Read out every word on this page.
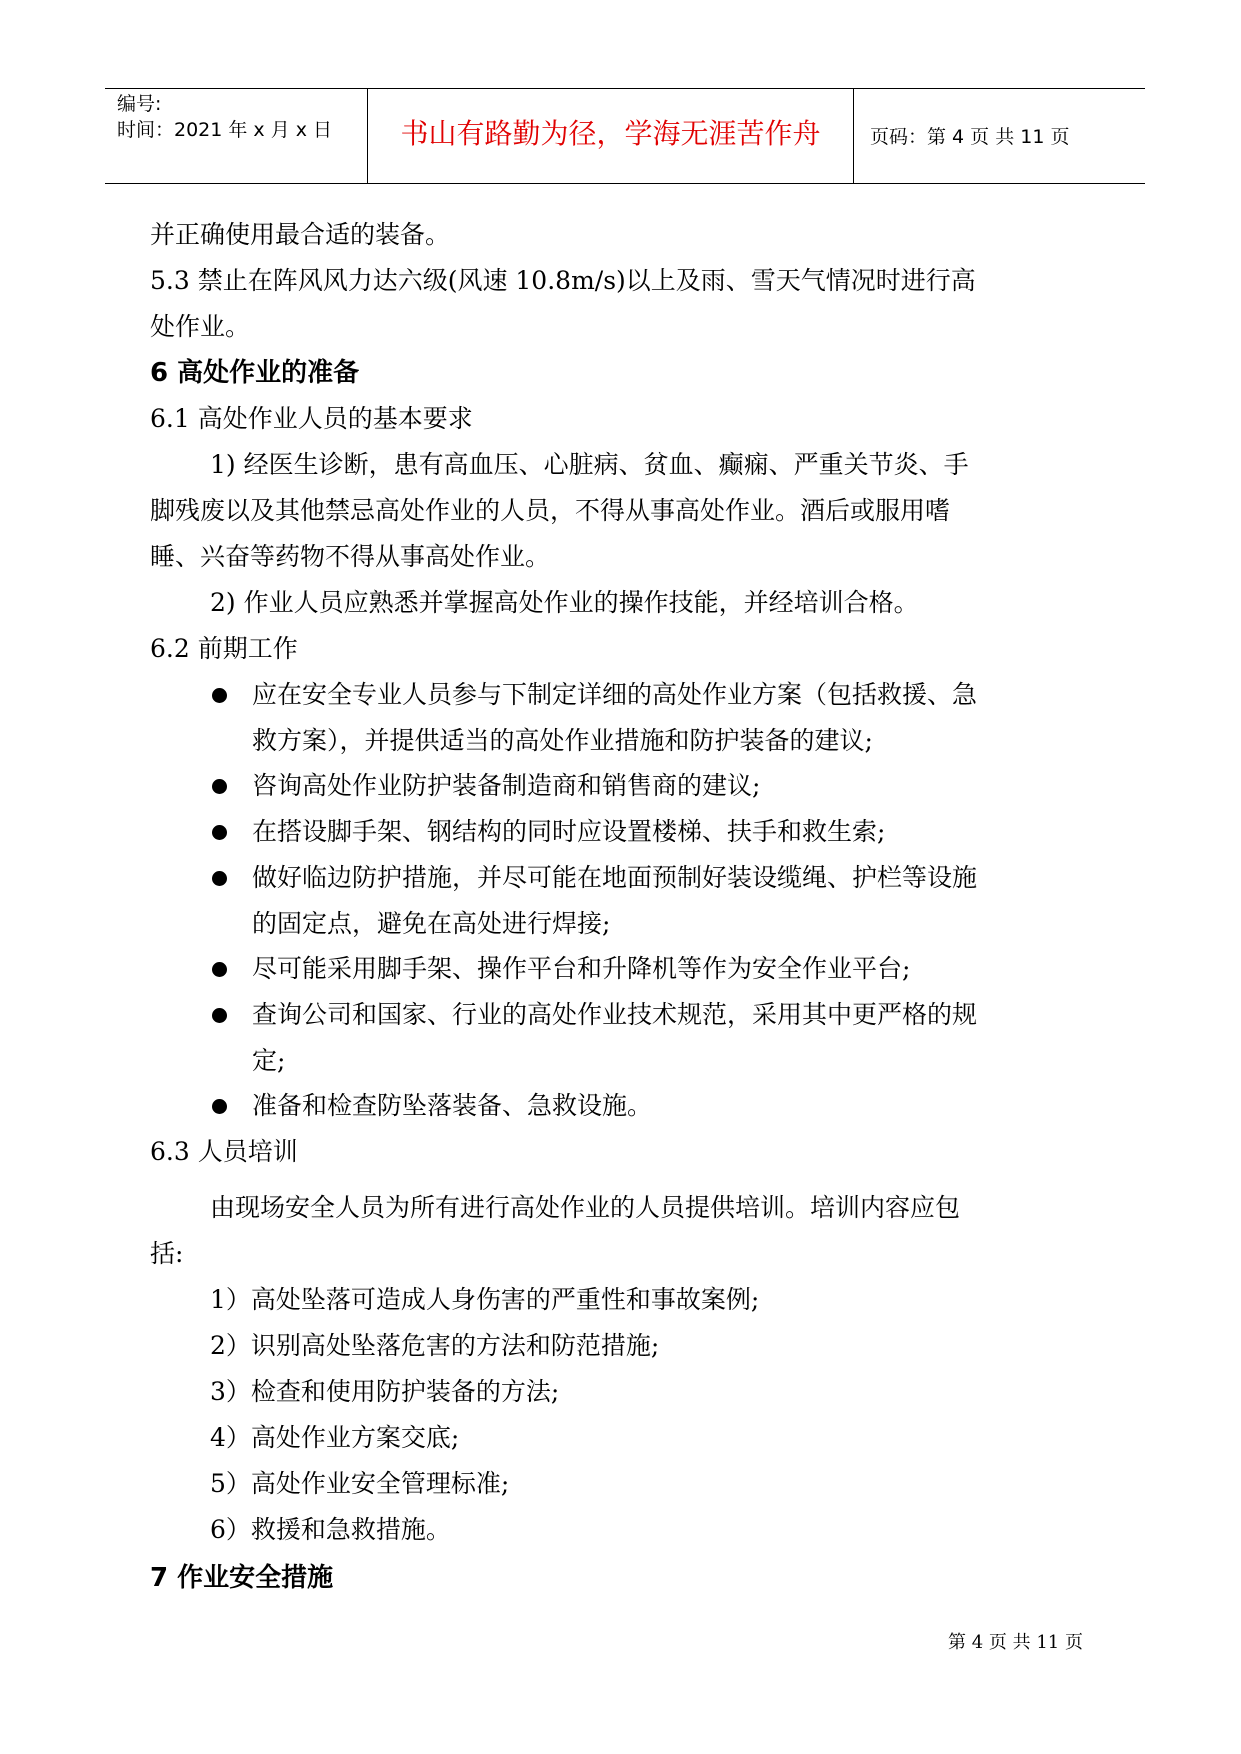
编号:
时间：2021 年 x 月 x 日	书山有路勤为径，学海无涯苦作舟	页码：第 4 页 共 11 页
并正确使用最合适的装备。
5.3 禁止在阵风风力达六级(风速 10.8m/s)以上及雨、雪天气情况时进行高
处作业。
6 高处作业的准备
6.1 高处作业人员的基本要求
1) 经医生诊断，患有高血压、心脏病、贫血、癫痫、严重关节炎、手
脚残废以及其他禁忌高处作业的人员，不得从事高处作业。酒后或服用嗜
睡、兴奋等药物不得从事高处作业。
2) 作业人员应熟悉并掌握高处作业的操作技能，并经培训合格。
6.2 前期工作
应在安全专业人员参与下制定详细的高处作业方案（包括救援、急
救方案），并提供适当的高处作业措施和防护装备的建议;
咨询高处作业防护装备制造商和销售商的建议;
在搭设脚手架、钢结构的同时应设置楼梯、扶手和救生索;
做好临边防护措施，并尽可能在地面预制好装设缆绳、护栏等设施
的固定点，避免在高处进行焊接;
尽可能采用脚手架、操作平台和升降机等作为安全作业平台;
查询公司和国家、行业的高处作业技术规范，采用其中更严格的规
定;
准备和检查防坠落装备、急救设施。
6.3 人员培训
由现场安全人员为所有进行高处作业的人员提供培训。培训内容应包
括:
1）高处坠落可造成人身伤害的严重性和事故案例;
2）识别高处坠落危害的方法和防范措施;
3）检查和使用防护装备的方法;
4）高处作业方案交底;
5）高处作业安全管理标准;
6）救援和急救措施。
7 作业安全措施
第 4 页 共 11 页
